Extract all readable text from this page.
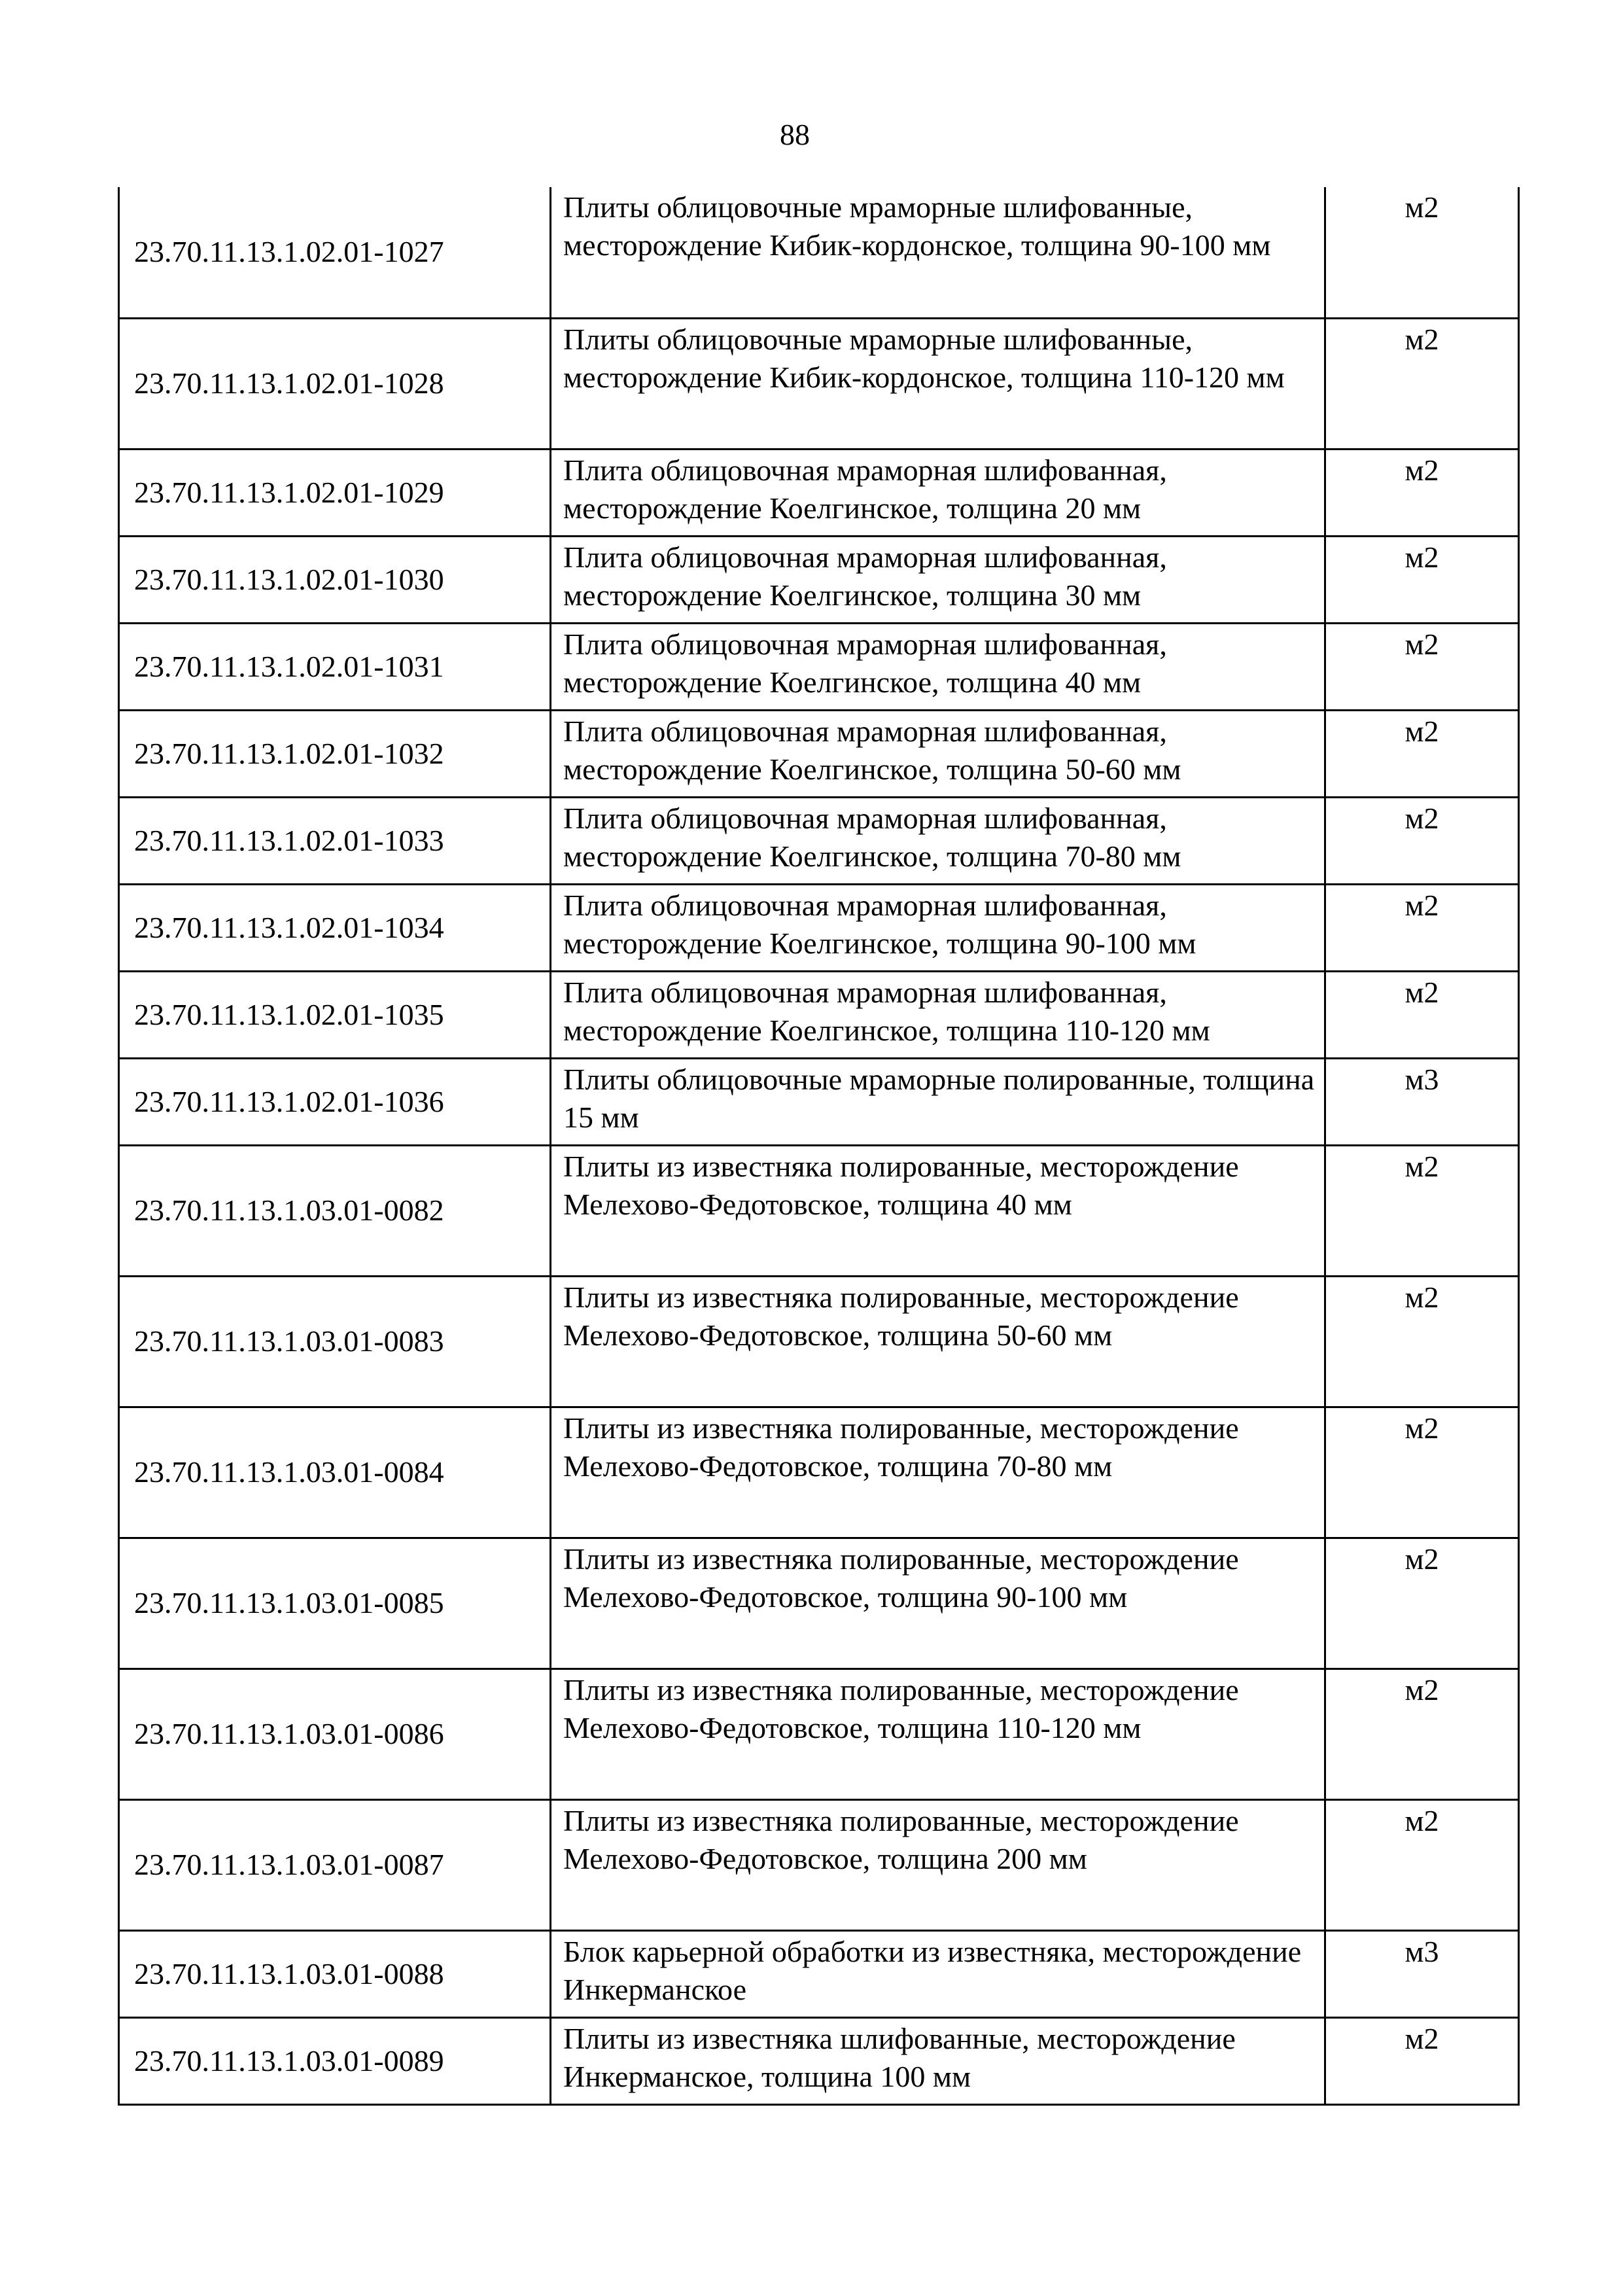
88
23.70.11.13.1.02.01-1027	Плиты облицовочные мраморные шлифованные, месторождение Кибик-кордонское, толщина 90-100 мм	м2
23.70.11.13.1.02.01-1028	Плиты облицовочные мраморные шлифованные, месторождение Кибик-кордонское, толщина 110-120 мм	м2
23.70.11.13.1.02.01-1029	Плита облицовочная мраморная шлифованная, месторождение Коелгинское, толщина 20 мм	м2
23.70.11.13.1.02.01-1030	Плита облицовочная мраморная шлифованная, месторождение Коелгинское, толщина 30 мм	м2
23.70.11.13.1.02.01-1031	Плита облицовочная мраморная шлифованная, месторождение Коелгинское, толщина 40 мм	м2
23.70.11.13.1.02.01-1032	Плита облицовочная мраморная шлифованная, месторождение Коелгинское, толщина 50-60 мм	м2
23.70.11.13.1.02.01-1033	Плита облицовочная мраморная шлифованная, месторождение Коелгинское, толщина 70-80 мм	м2
23.70.11.13.1.02.01-1034	Плита облицовочная мраморная шлифованная, месторождение Коелгинское, толщина 90-100 мм	м2
23.70.11.13.1.02.01-1035	Плита облицовочная мраморная шлифованная, месторождение Коелгинское, толщина 110-120 мм	м2
23.70.11.13.1.02.01-1036	Плиты облицовочные мраморные полированные, толщина 15 мм	м3
23.70.11.13.1.03.01-0082	Плиты из известняка полированные, месторождение Мелехово-Федотовское, толщина 40 мм	м2
23.70.11.13.1.03.01-0083	Плиты из известняка полированные, месторождение Мелехово-Федотовское, толщина 50-60 мм	м2
23.70.11.13.1.03.01-0084	Плиты из известняка полированные, месторождение Мелехово-Федотовское, толщина 70-80 мм	м2
23.70.11.13.1.03.01-0085	Плиты из известняка полированные, месторождение Мелехово-Федотовское, толщина 90-100 мм	м2
23.70.11.13.1.03.01-0086	Плиты из известняка полированные, месторождение Мелехово-Федотовское, толщина 110-120 мм	м2
23.70.11.13.1.03.01-0087	Плиты из известняка полированные, месторождение Мелехово-Федотовское, толщина 200 мм	м2
23.70.11.13.1.03.01-0088	Блок карьерной обработки из известняка, месторождение Инкерманское	м3
23.70.11.13.1.03.01-0089	Плиты из известняка шлифованные, месторождение Инкерманское, толщина 100 мм	м2
